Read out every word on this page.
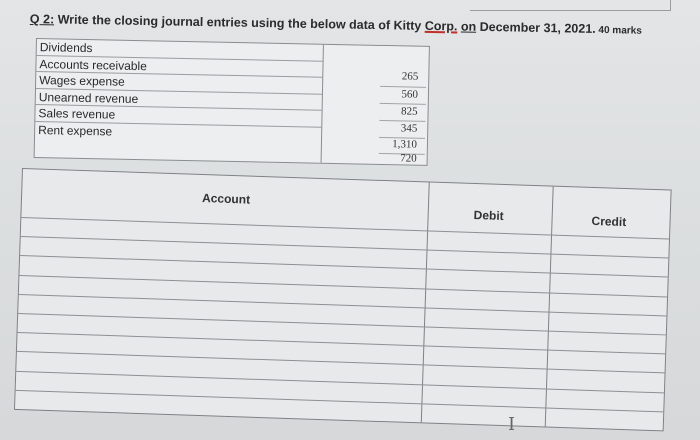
Q 2: Write the closing journal entries using the below data of Kitty Corp. on December 31, 2021. 40 marks
Dividends
Accounts receivable
Wages expense
Unearned revenue
Sales revenue
Rent expense
265
560
825
345
1,310
720
Account
Debit	Credit
I
